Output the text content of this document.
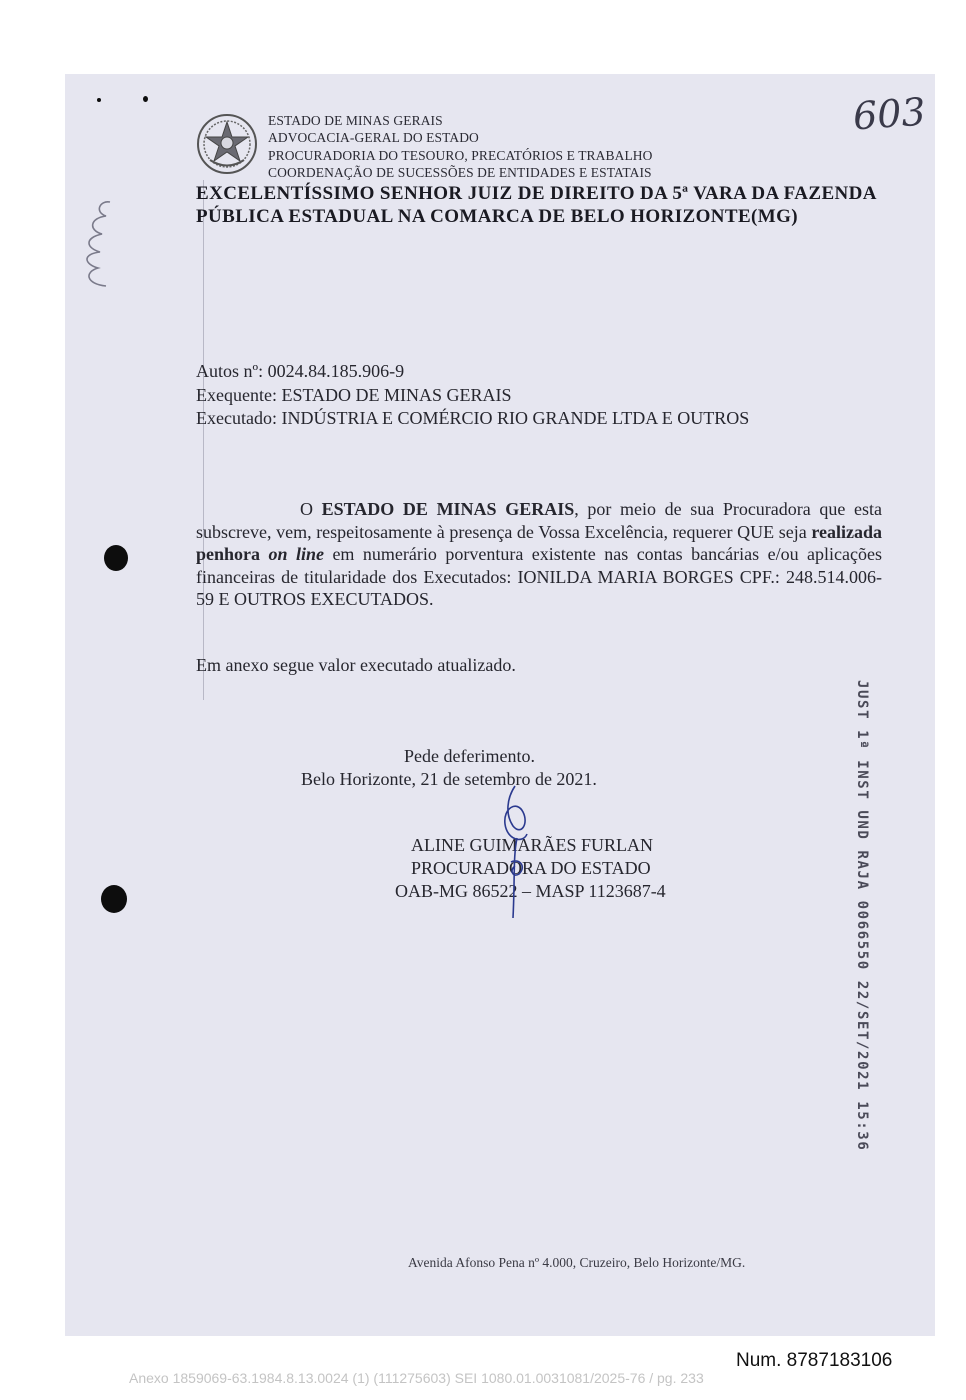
ESTADO DE MINAS GERAIS
ADVOCACIA-GERAL DO ESTADO
PROCURADORIA DO TESOURO, PRECATÓRIOS E TRABALHO
COORDENAÇÃO DE SUCESSÕES DE ENTIDADES E ESTATAIS
603
EXCELENTÍSSIMO SENHOR JUIZ DE DIREITO DA 5ª VARA DA FAZENDA
PÚBLICA ESTADUAL NA COMARCA DE BELO HORIZONTE(MG)
Autos nº: 0024.84.185.906-9
Exequente: ESTADO DE MINAS GERAIS
Executado: INDÚSTRIA E COMÉRCIO RIO GRANDE LTDA E OUTROS
O ESTADO DE MINAS GERAIS, por meio de sua Procuradora que esta subscreve, vem, respeitosamente à presença de Vossa Excelência, requerer QUE seja realizada penhora on line em numerário porventura existente nas contas bancárias e/ou aplicações financeiras de titularidade dos Executados: IONILDA MARIA BORGES CPF.: 248.514.006-59 E OUTROS EXECUTADOS.
Em anexo segue valor executado atualizado.
Pede deferimento.
Belo Horizonte, 21 de setembro de 2021.
ALINE GUIMARÃES FURLAN
PROCURADORA DO ESTADO
OAB-MG 86522 – MASP 1123687-4	JUST 1ª INST UND RAJA 0066550 22/SET/2021 15:36
Avenida Afonso Pena nº 4.000, Cruzeiro, Belo Horizonte/MG.
Num. 8787183106
Anexo 1859069-63.1984.8.13.0024 (1) (111275603) SEI 1080.01.0031081/2025-76 / pg. 233
